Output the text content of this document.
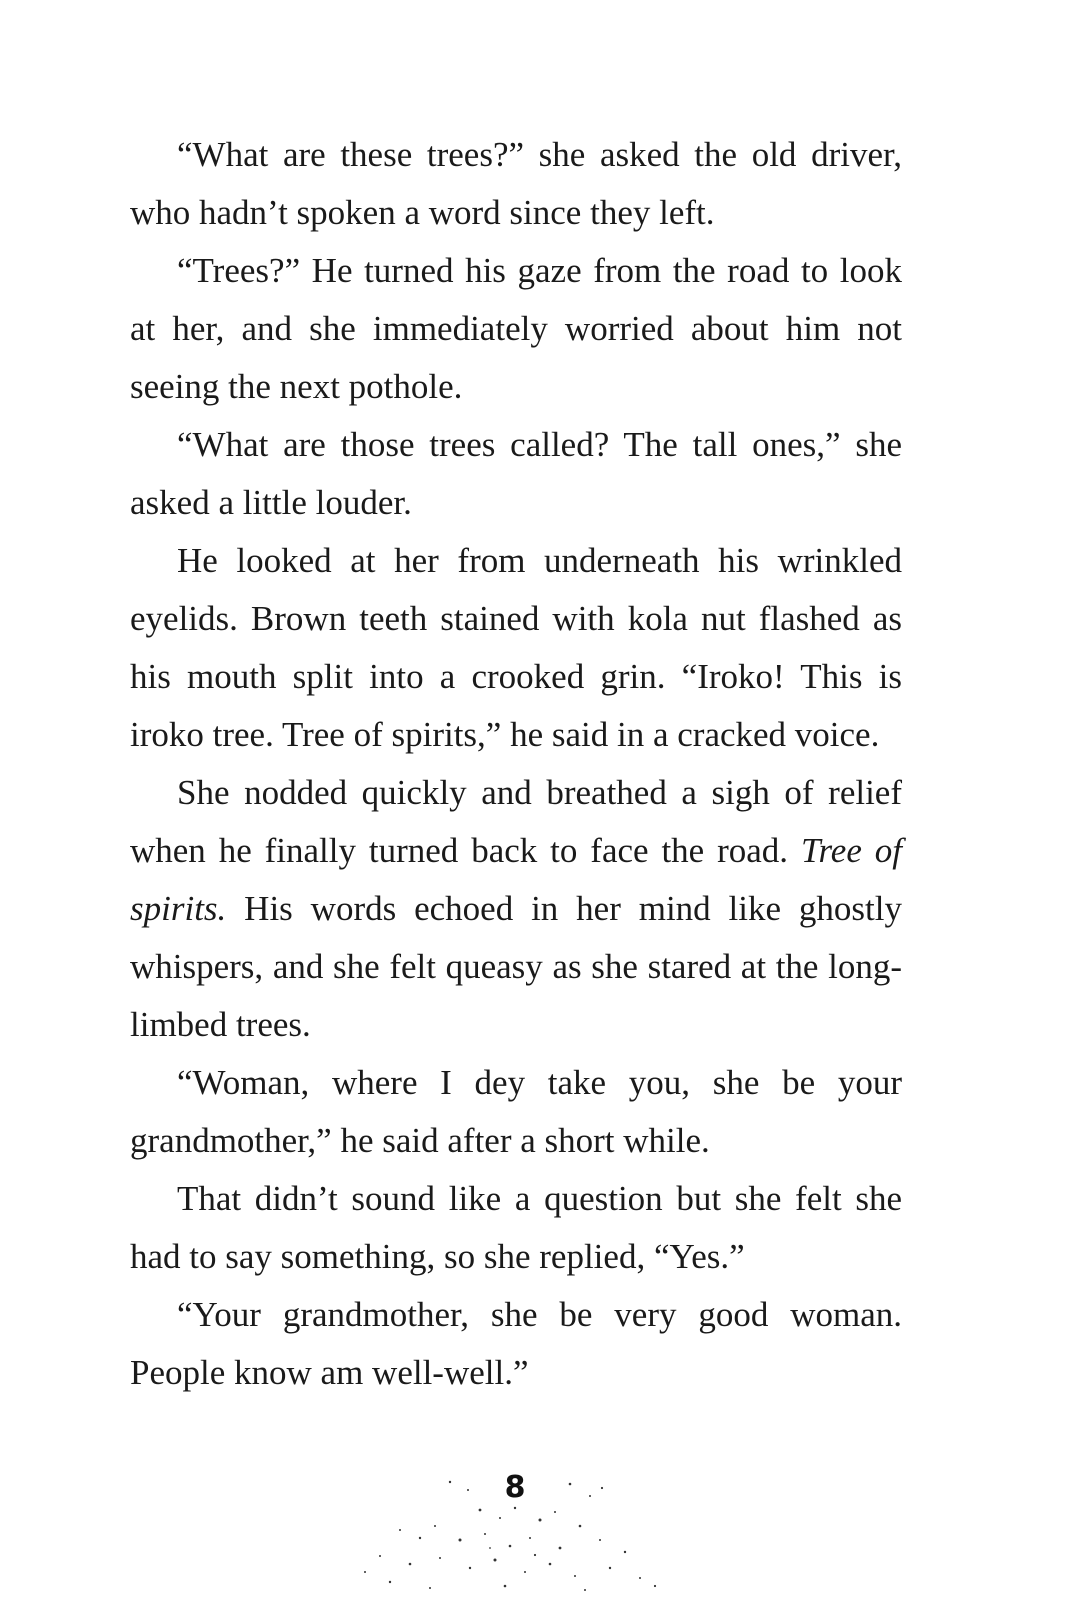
“What are these trees?” she asked the old driver, who hadn’t spoken a word since they left.

“Trees?” He turned his gaze from the road to look at her, and she immediately worried about him not seeing the next pothole.

“What are those trees called? The tall ones,” she asked a little louder.

He looked at her from underneath his wrinkled eyelids. Brown teeth stained with kola nut flashed as his mouth split into a crooked grin. “Iroko! This is iroko tree. Tree of spirits,” he said in a cracked voice.

She nodded quickly and breathed a sigh of relief when he finally turned back to face the road. Tree of spirits. His words echoed in her mind like ghostly whispers, and she felt queasy as she stared at the long-limbed trees.

“Woman, where I dey take you, she be your grandmother,” he said after a short while.

That didn’t sound like a question but she felt she had to say something, so she replied, “Yes.”

“Your grandmother, she be very good woman. People know am well-well.”

8
